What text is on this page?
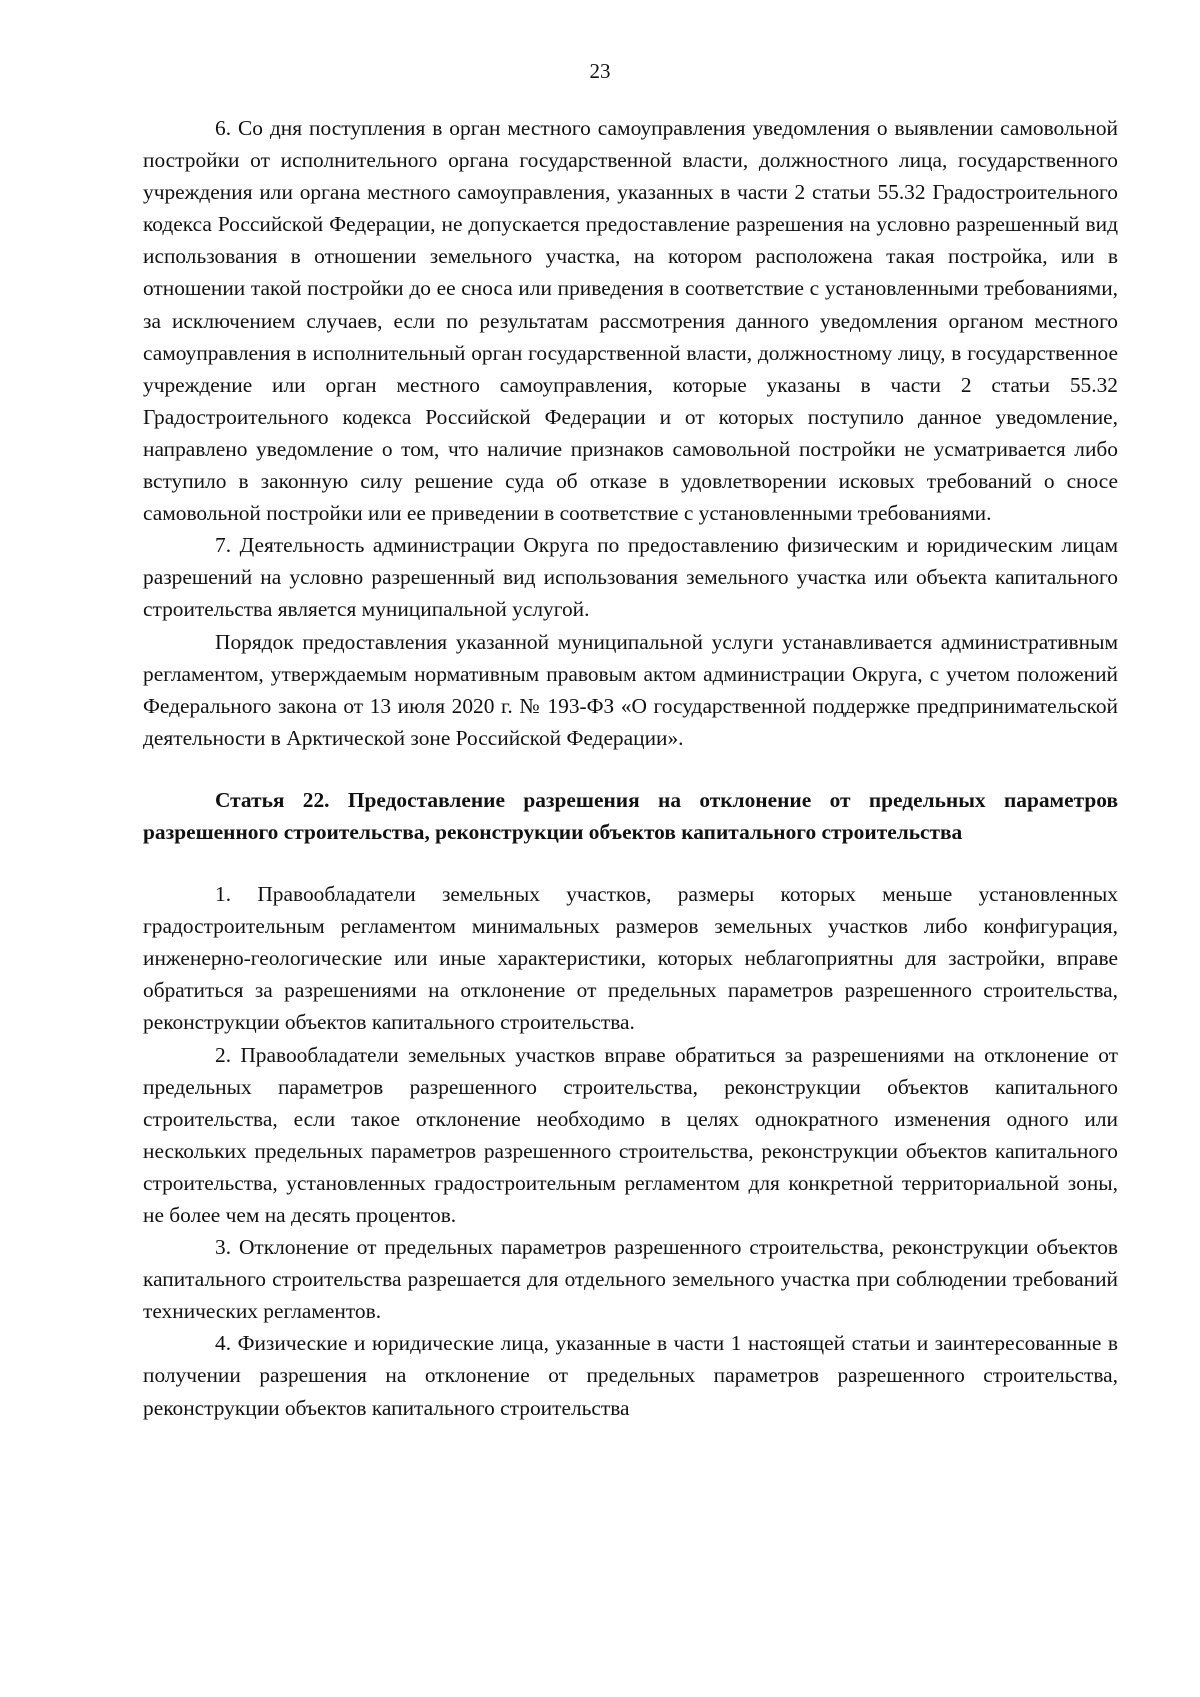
23

6. Со дня поступления в орган местного самоуправления уведомления о выявлении самовольной постройки от исполнительного органа государственной власти, должностного лица, государственного учреждения или органа местного самоуправления, указанных в части 2 статьи 55.32 Градостроительного кодекса Российской Федерации, не допускается предоставление разрешения на условно разрешенный вид использования в отношении земельного участка, на котором расположена такая постройка, или в отношении такой постройки до ее сноса или приведения в соответствие с установленными требованиями, за исключением случаев, если по результатам рассмотрения данного уведомления органом местного самоуправления в исполнительный орган государственной власти, должностному лицу, в государственное учреждение или орган местного самоуправления, которые указаны в части 2 статьи 55.32 Градостроительного кодекса Российской Федерации и от которых поступило данное уведомление, направлено уведомление о том, что наличие признаков самовольной постройки не усматривается либо вступило в законную силу решение суда об отказе в удовлетворении исковых требований о сносе самовольной постройки или ее приведении в соответствие с установленными требованиями.

7. Деятельность администрации Округа по предоставлению физическим и юридическим лицам разрешений на условно разрешенный вид использования земельного участка или объекта капитального строительства является муниципальной услугой.

Порядок предоставления указанной муниципальной услуги устанавливается административным регламентом, утверждаемым нормативным правовым актом администрации Округа, с учетом положений Федерального закона от 13 июля 2020 г. № 193-ФЗ «О государственной поддержке предпринимательской деятельности в Арктической зоне Российской Федерации».

Статья 22. Предоставление разрешения на отклонение от предельных параметров разрешенного строительства, реконструкции объектов капитального строительства

1. Правообладатели земельных участков, размеры которых меньше установленных градостроительным регламентом минимальных размеров земельных участков либо конфигурация, инженерно-геологические или иные характеристики, которых неблагоприятны для застройки, вправе обратиться за разрешениями на отклонение от предельных параметров разрешенного строительства, реконструкции объектов капитального строительства.

2. Правообладатели земельных участков вправе обратиться за разрешениями на отклонение от предельных параметров разрешенного строительства, реконструкции объектов капитального строительства, если такое отклонение необходимо в целях однократного изменения одного или нескольких предельных параметров разрешенного строительства, реконструкции объектов капитального строительства, установленных градостроительным регламентом для конкретной территориальной зоны, не более чем на десять процентов.

3. Отклонение от предельных параметров разрешенного строительства, реконструкции объектов капитального строительства разрешается для отдельного земельного участка при соблюдении требований технических регламентов.

4. Физические и юридические лица, указанные в части 1 настоящей статьи и заинтересованные в получении разрешения на отклонение от предельных параметров разрешенного строительства, реконструкции объектов капитального строительства
